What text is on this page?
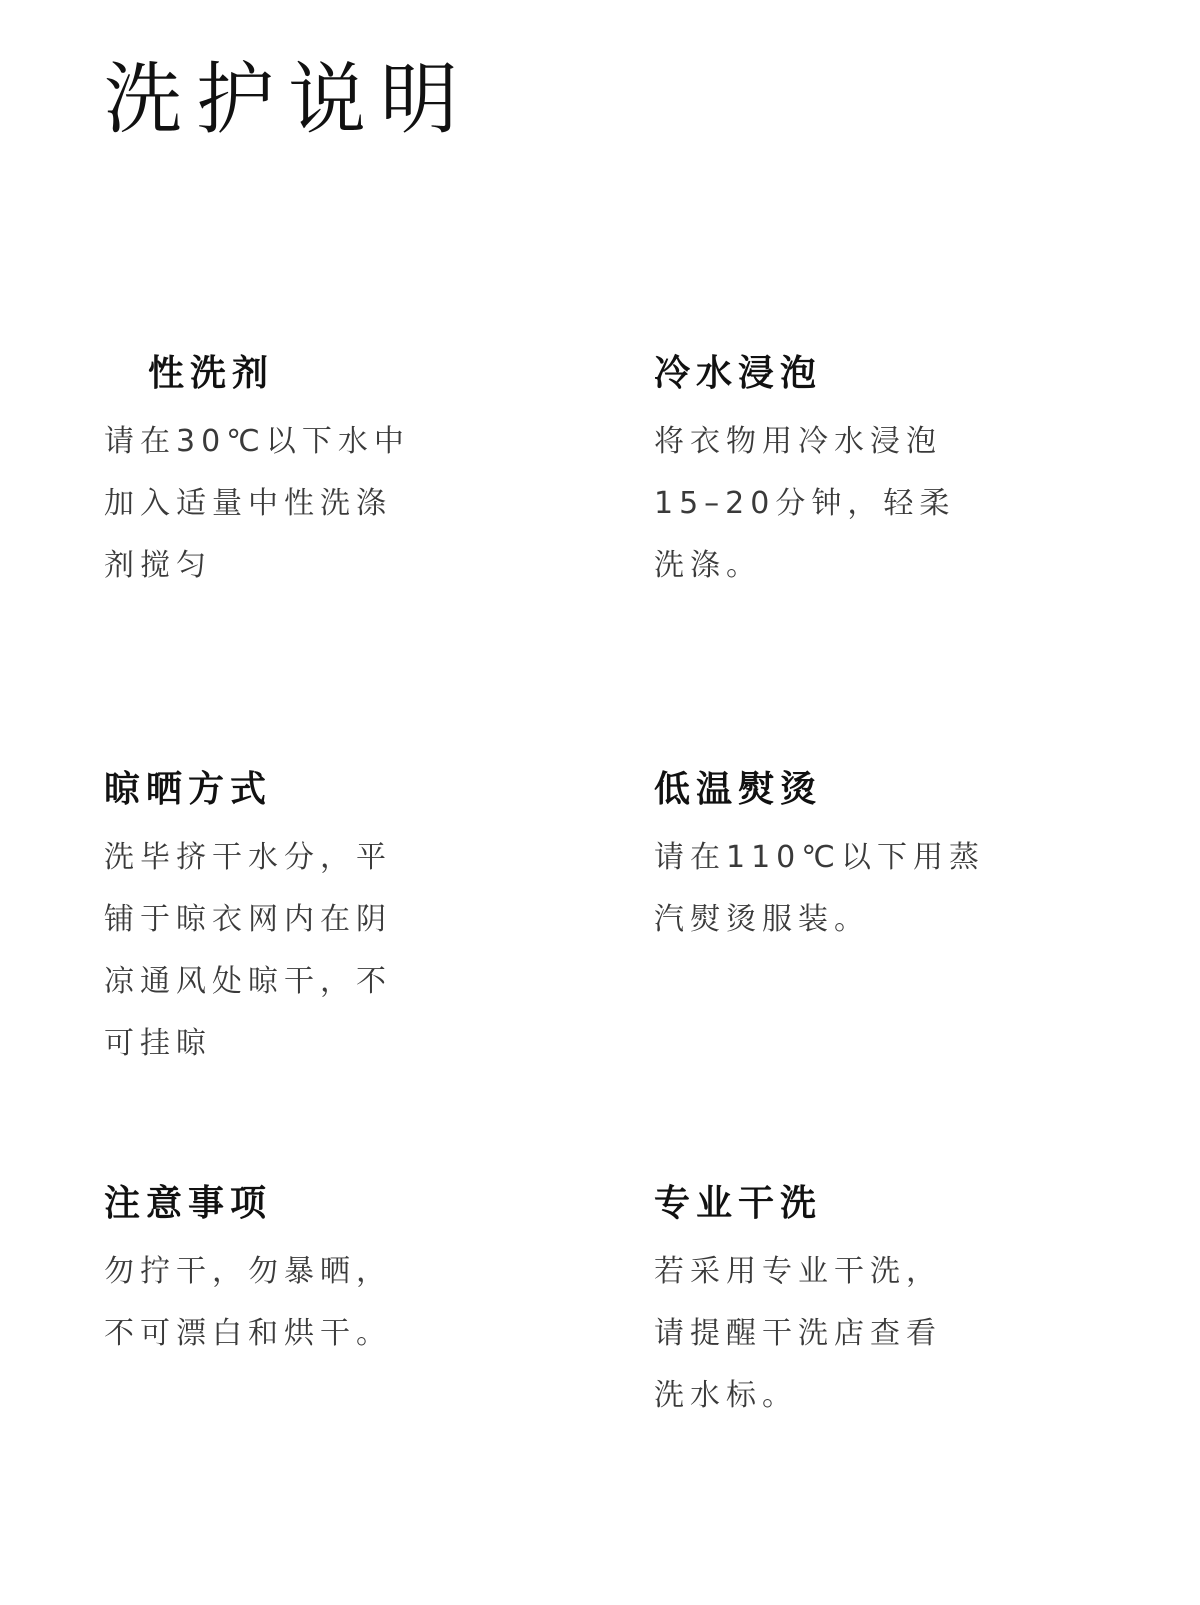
洗护说明
性洗剂
请在30℃以下水中
加入适量中性洗涤
剂搅匀
冷水浸泡
将衣物用冷水浸泡
15–20分钟，轻柔
洗涤。
晾晒方式
洗毕挤干水分，平
铺于晾衣网内在阴
凉通风处晾干，不
可挂晾
低温熨烫
请在110℃以下用蒸
汽熨烫服装。
注意事项
勿拧干，勿暴晒，
不可漂白和烘干。
专业干洗
若采用专业干洗，
请提醒干洗店查看
洗水标。
